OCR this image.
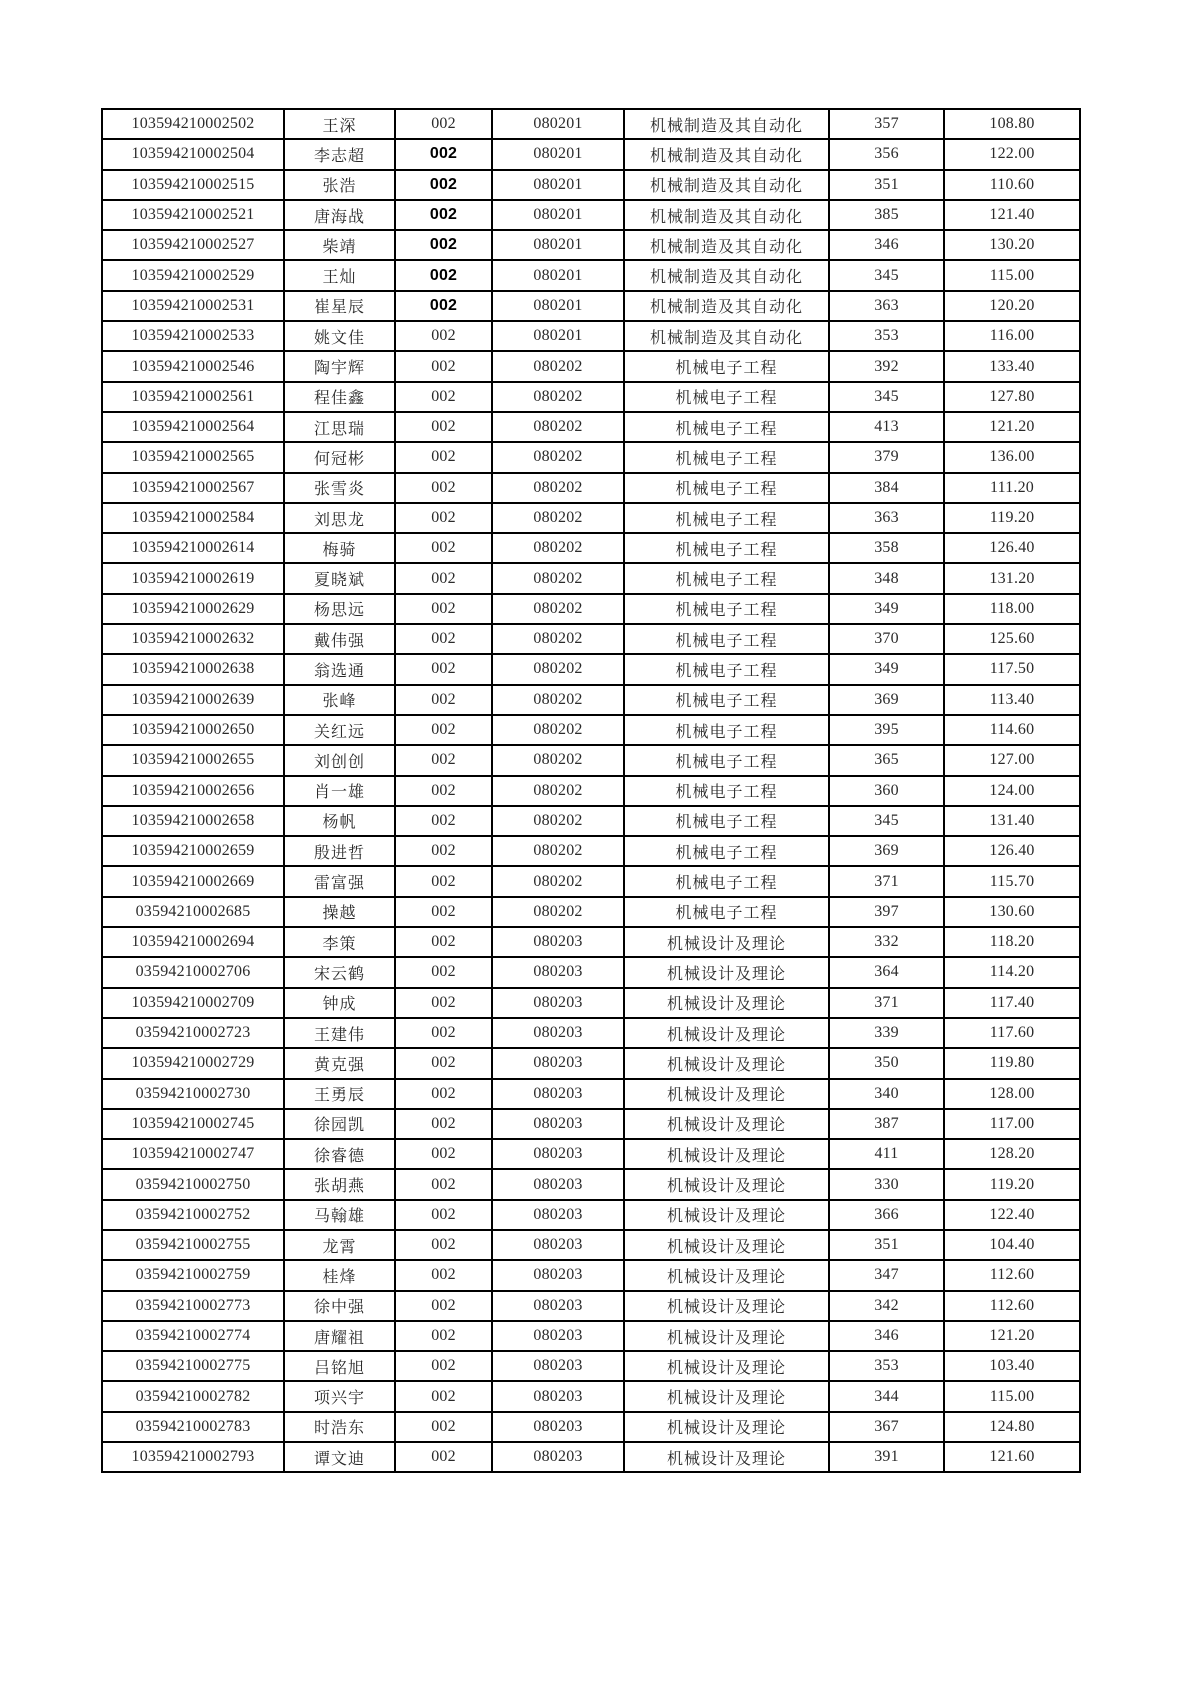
103594210002502	王深	002	080201	机械制造及其自动化	357	108.80
103594210002504	李志超	002	080201	机械制造及其自动化	356	122.00
103594210002515	张浩	002	080201	机械制造及其自动化	351	110.60
103594210002521	唐海战	002	080201	机械制造及其自动化	385	121.40
103594210002527	柴靖	002	080201	机械制造及其自动化	346	130.20
103594210002529	王灿	002	080201	机械制造及其自动化	345	115.00
103594210002531	崔星辰	002	080201	机械制造及其自动化	363	120.20
103594210002533	姚文佳	002	080201	机械制造及其自动化	353	116.00
103594210002546	陶宇辉	002	080202	机械电子工程	392	133.40
103594210002561	程佳鑫	002	080202	机械电子工程	345	127.80
103594210002564	江思瑞	002	080202	机械电子工程	413	121.20
103594210002565	何冠彬	002	080202	机械电子工程	379	136.00
103594210002567	张雪炎	002	080202	机械电子工程	384	111.20
103594210002584	刘思龙	002	080202	机械电子工程	363	119.20
103594210002614	梅骑	002	080202	机械电子工程	358	126.40
103594210002619	夏晓斌	002	080202	机械电子工程	348	131.20
103594210002629	杨思远	002	080202	机械电子工程	349	118.00
103594210002632	戴伟强	002	080202	机械电子工程	370	125.60
103594210002638	翁选通	002	080202	机械电子工程	349	117.50
103594210002639	张峰	002	080202	机械电子工程	369	113.40
103594210002650	关红远	002	080202	机械电子工程	395	114.60
103594210002655	刘创创	002	080202	机械电子工程	365	127.00
103594210002656	肖一雄	002	080202	机械电子工程	360	124.00
103594210002658	杨帆	002	080202	机械电子工程	345	131.40
103594210002659	殷进哲	002	080202	机械电子工程	369	126.40
103594210002669	雷富强	002	080202	机械电子工程	371	115.70
03594210002685	操越	002	080202	机械电子工程	397	130.60
103594210002694	李策	002	080203	机械设计及理论	332	118.20
03594210002706	宋云鹤	002	080203	机械设计及理论	364	114.20
103594210002709	钟成	002	080203	机械设计及理论	371	117.40
03594210002723	王建伟	002	080203	机械设计及理论	339	117.60
103594210002729	黄克强	002	080203	机械设计及理论	350	119.80
03594210002730	王勇辰	002	080203	机械设计及理论	340	128.00
103594210002745	徐园凯	002	080203	机械设计及理论	387	117.00
103594210002747	徐睿德	002	080203	机械设计及理论	411	128.20
03594210002750	张胡燕	002	080203	机械设计及理论	330	119.20
03594210002752	马翰雄	002	080203	机械设计及理论	366	122.40
03594210002755	龙霄	002	080203	机械设计及理论	351	104.40
03594210002759	桂烽	002	080203	机械设计及理论	347	112.60
03594210002773	徐中强	002	080203	机械设计及理论	342	112.60
03594210002774	唐耀祖	002	080203	机械设计及理论	346	121.20
03594210002775	吕铭旭	002	080203	机械设计及理论	353	103.40
03594210002782	项兴宇	002	080203	机械设计及理论	344	115.00
03594210002783	时浩东	002	080203	机械设计及理论	367	124.80
103594210002793	谭文迪	002	080203	机械设计及理论	391	121.60
